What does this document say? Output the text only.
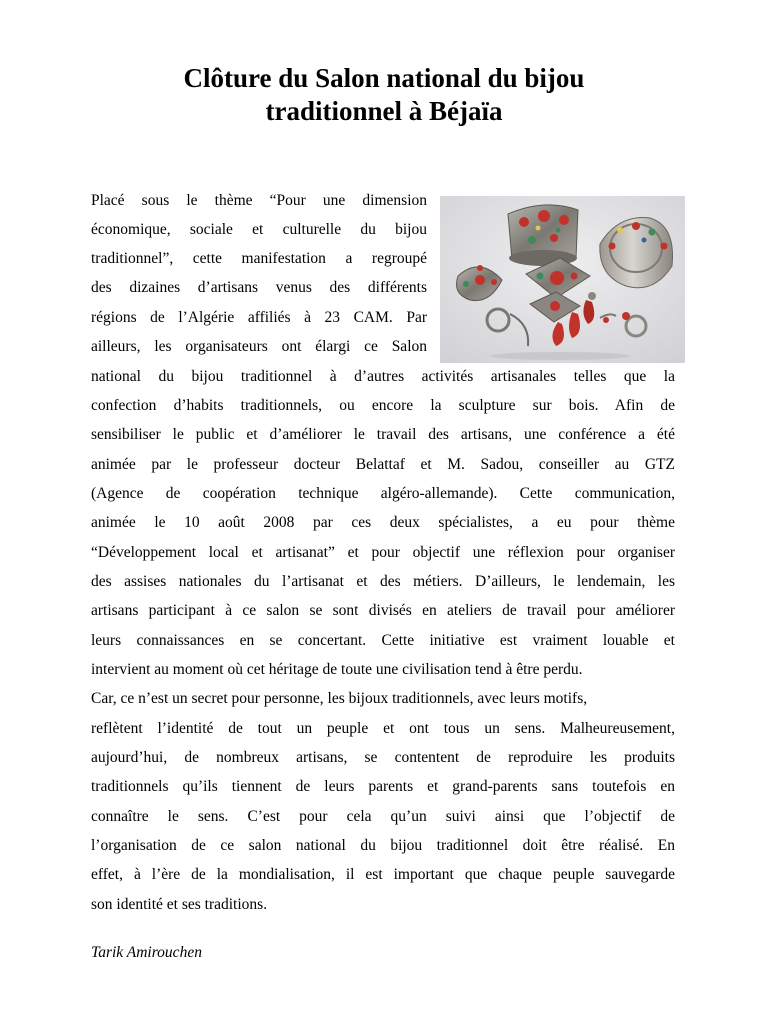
Clôture du Salon national du bijou
traditionnel à Béjaïa
Placé sous le thème “Pour une dimension
économique, sociale et culturelle du bijou
traditionnel”, cette manifestation a regroupé
des dizaines d’artisans venus des différents
régions de l’Algérie affiliés à 23 CAM. Par
ailleurs, les organisateurs ont élargi ce Salon
national du bijou traditionnel à d’autres activités artisanales telles que la
confection d’habits traditionnels, ou encore la sculpture sur bois. Afin de
sensibiliser le public et d’améliorer le travail des artisans, une conférence a été
animée par le professeur docteur Belattaf et M. Sadou, conseiller au GTZ
(Agence de coopération technique algéro-allemande). Cette communication,
animée le 10 août 2008 par ces deux spécialistes, a eu pour thème
“Développement local et artisanat” et pour objectif une réflexion pour organiser
des assises nationales du l’artisanat et des métiers. D’ailleurs, le lendemain, les
artisans participant à ce salon se sont divisés en ateliers de travail pour améliorer
leurs connaissances en se concertant. Cette initiative est vraiment louable et
intervient au moment où cet héritage de toute une civilisation tend à être perdu.
Car, ce n’est un secret pour personne, les bijoux traditionnels, avec leurs motifs,
reflètent l’identité de tout un peuple et ont tous un sens. Malheureusement,
aujourd’hui, de nombreux artisans, se contentent de reproduire les produits
traditionnels qu’ils tiennent de leurs parents et grand-parents sans toutefois en
connaître le sens. C’est pour cela qu’un suivi ainsi que l’objectif de
l’organisation de ce salon national du bijou traditionnel doit être réalisé. En
effet, à l’ère de la mondialisation, il est important que chaque peuple sauvegarde
son identité et ses traditions.
Tarik Amirouchen
